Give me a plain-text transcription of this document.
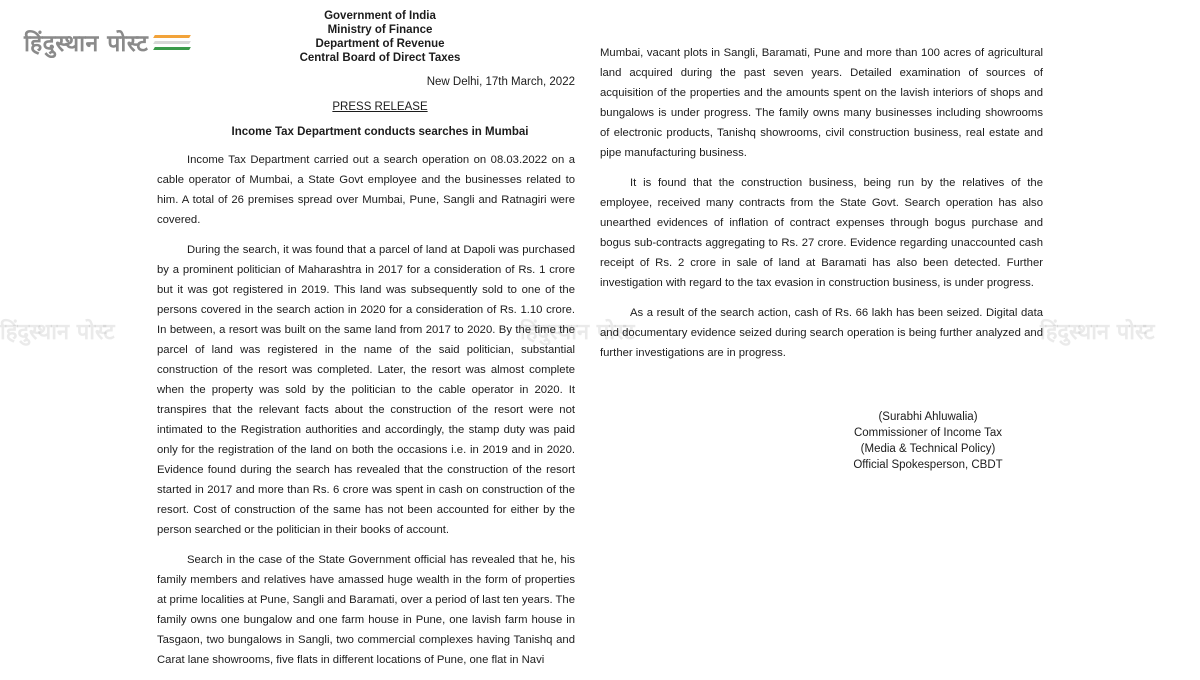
हिंदुस्थान पोस्ट
हिंदुस्थान पोस्ट	हिंदुस्थान पोस्ट	हिंदुस्थान पोस्ट
Government of India
Ministry of Finance
Department of Revenue
Central Board of Direct Taxes
New Delhi, 17th March, 2022
PRESS RELEASE
Income Tax Department conducts searches in Mumbai

Income Tax Department carried out a search operation on 08.03.2022 on a cable operator of Mumbai, a State Govt employee and the businesses related to him. A total of 26 premises spread over Mumbai, Pune, Sangli and Ratnagiri were covered.

During the search, it was found that a parcel of land at Dapoli was purchased by a prominent politician of Maharashtra in 2017 for a consideration of Rs. 1 crore but it was got registered in 2019. This land was subsequently sold to one of the persons covered in the search action in 2020 for a consideration of Rs. 1.10 crore. In between, a resort was built on the same land from 2017 to 2020. By the time the parcel of land was registered in the name of the said politician, substantial construction of the resort was completed. Later, the resort was almost complete when the property was sold by the politician to the cable operator in 2020. It transpires that the relevant facts about the construction of the resort were not intimated to the Registration authorities and accordingly, the stamp duty was paid only for the registration of the land on both the occasions i.e. in 2019 and in 2020. Evidence found during the search has revealed that the construction of the resort started in 2017 and more than Rs. 6 crore was spent in cash on construction of the resort. Cost of construction of the same has not been accounted for either by the person searched or the politician in their books of account.

Search in the case of the State Government official has revealed that he, his family members and relatives have amassed huge wealth in the form of properties at prime localities at Pune, Sangli and Baramati, over a period of last ten years. The family owns one bungalow and one farm house in Pune, one lavish farm house in Tasgaon, two bungalows in Sangli, two commercial complexes having Tanishq and Carat lane showrooms, five flats in different locations of Pune, one flat in Navi

Mumbai, vacant plots in Sangli, Baramati, Pune and more than 100 acres of agricultural land acquired during the past seven years. Detailed examination of sources of acquisition of the properties and the amounts spent on the lavish interiors of shops and bungalows is under progress. The family owns many businesses including showrooms of electronic products, Tanishq showrooms, civil construction business, real estate and pipe manufacturing business.

It is found that the construction business, being run by the relatives of the employee, received many contracts from the State Govt. Search operation has also unearthed evidences of inflation of contract expenses through bogus purchase and bogus sub-contracts aggregating to Rs. 27 crore. Evidence regarding unaccounted cash receipt of Rs. 2 crore in sale of land at Baramati has also been detected. Further investigation with regard to the tax evasion in construction business, is under progress.

As a result of the search action, cash of Rs. 66 lakh has been seized. Digital data and documentary evidence seized during search operation is being further analyzed and further investigations are in progress.

(Surabhi Ahluwalia)
Commissioner of Income Tax
(Media & Technical Policy)
Official Spokesperson, CBDT
